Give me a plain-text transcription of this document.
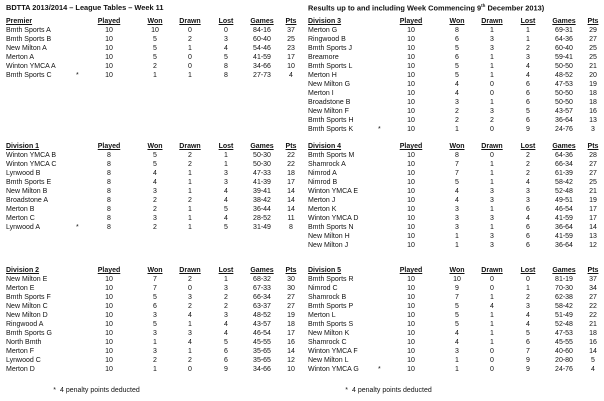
BDTTA 2013/2014 – League Tables – Week 11	Results up to and including Week Commencing 9th December 2013)
Premier	Played	Won	Drawn	Lost	Games	Pts
Bmth Sports A	10	10	0	0	84-16	37
Bmth Sports B	10	5	2	3	60-40	25
New Milton A	10	5	1	4	54-46	23
Merton A	10	5	0	5	41-59	17
Winton YMCA A	10	2	0	8	34-66	10
Bmth Sports C	*	10	1	1	8	27-73	4
Division 1	Played	Won	Drawn	Lost	Games	Pts
Winton YMCA B	8	5	2	1	50-30	22
Winton YMCA C	8	5	2	1	50-30	22
Lynwood B	8	4	1	3	47-33	18
Bmth Sports E	8	4	1	3	41-39	17
New Milton B	8	3	1	4	39-41	14
Broadstone A	8	2	2	4	38-42	14
Merton B	8	2	1	5	36-44	14
Merton C	8	3	1	4	28-52	11
Lynwood A	*	8	2	1	5	31-49	8
Division 2	Played	Won	Drawn	Lost	Games	Pts
New Milton E	10	7	2	1	68-32	30
Merton E	10	7	0	3	67-33	30
Bmth Sports F	10	5	3	2	66-34	27
New Milton C	10	6	2	2	63-37	27
New Milton D	10	3	4	3	48-52	19
Ringwood A	10	5	1	4	43-57	18
Bmth Sports G	10	3	3	4	46-54	17
North Bmth	10	1	4	5	45-55	16
Merton F	10	3	1	6	35-65	14
Lynwood C	10	2	2	6	35-65	12
Merton D	10	1	0	9	34-66	10
Division 3	Played	Won	Drawn	Lost	Games	Pts
Merton G	10	8	1	1	69-31	29
Ringwood B	10	6	3	1	64-36	27
Bmth Sports J	10	5	3	2	60-40	25
Breamore	10	6	1	3	59-41	25
Bmth Sports L	10	5	1	4	50-50	21
Merton H	10	5	1	4	48-52	20
New Milton G	10	4	0	6	47-53	19
Merton I	10	4	0	6	50-50	18
Broadstone B	10	3	1	6	50-50	18
New Milton F	10	2	3	5	43-57	16
Bmth Sports H	10	2	2	6	36-64	13
Bmth Sports K	*	10	1	0	9	24-76	3
Division 4	Played	Won	Drawn	Lost	Games	Pts
Bmth Sports M	10	8	0	2	64-36	28
Shamrock A	10	7	1	2	66-34	27
Nimrod A	10	7	1	2	61-39	27
Nimrod B	10	5	1	4	58-42	25
Winton YMCA E	10	4	3	3	52-48	21
Merton J	10	4	3	3	49-51	19
Merton K	10	3	1	6	46-54	17
Winton YMCA D	10	3	3	4	41-59	17
Bmth Sports N	10	3	1	6	36-64	14
New Milton H	10	1	3	6	41-59	13
New Milton J	10	1	3	6	36-64	12
Division 5	Played	Won	Drawn	Lost	Games	Pts
Bmth Sports R	10	10	0	0	81-19	37
Nimrod C	10	9	0	1	70-30	34
Shamrock B	10	7	1	2	62-38	27
Bmth Sports P	10	5	4	3	58-42	22
Merton L	10	5	1	4	51-49	22
Bmth Sports S	10	5	1	4	52-48	21
New Milton K	10	4	1	5	47-53	18
Shamrock C	10	4	1	6	45-55	16
Winton YMCA F	10	3	0	7	40-60	14
New Milton L	10	1	0	9	20-80	5
Winton YMCA G	*	10	1	0	9	24-76	4
* 4 penalty points deducted	* 4 penalty points deducted
